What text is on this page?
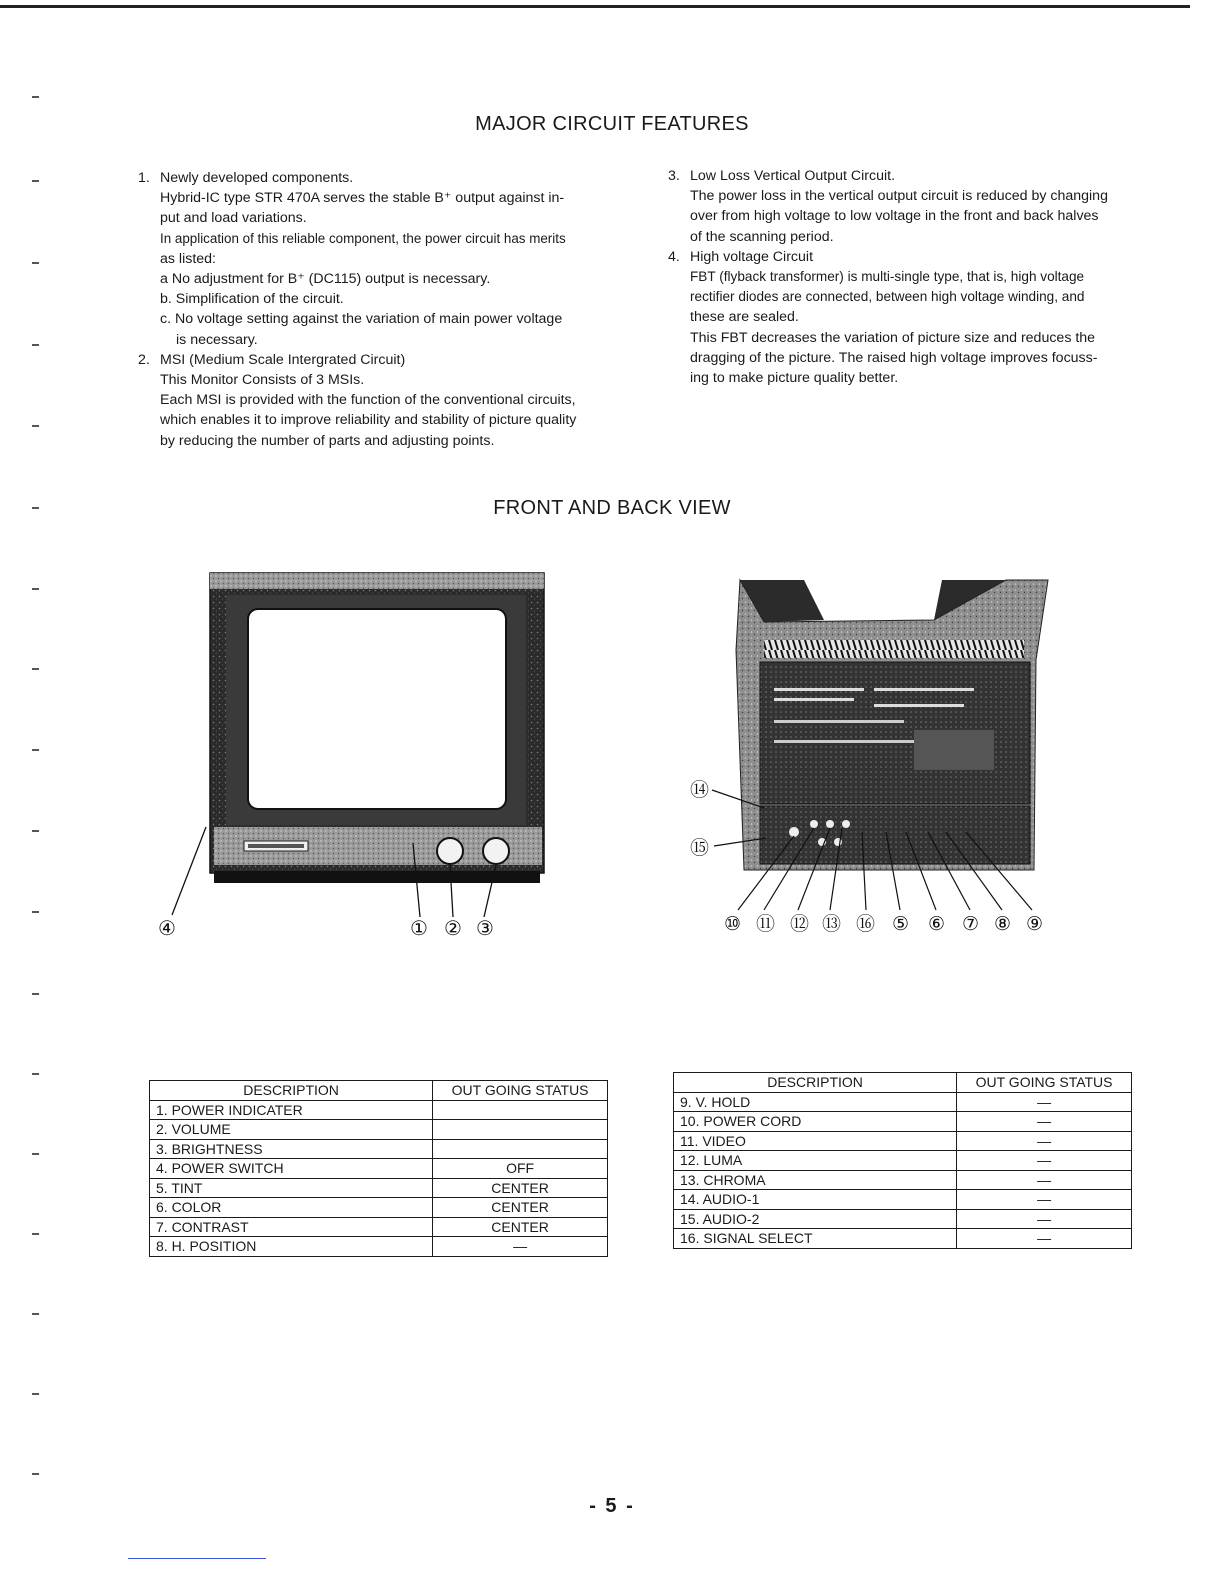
MAJOR CIRCUIT FEATURES
1. Newly developed components.

Hybrid-IC type STR 470A serves the stable B⁺ output against in-

put and load variations.

In application of this reliable component, the power circuit has merits

as listed:

a No adjustment for B⁺ (DC115) output is necessary.

b. Simplification of the circuit.

c. No voltage setting against the variation of main power voltage

is necessary.

2. MSI (Medium Scale Intergrated Circuit)

This Monitor Consists of 3 MSIs.

Each MSI is provided with the function of the conventional circuits,

which enables it to improve reliability and stability of picture quality

by reducing the number of parts and adjusting points.

3. Low Loss Vertical Output Circuit.

The power loss in the vertical output circuit is reduced by changing

over from high voltage to low voltage in the front and back halves

of the scanning period.

4. High voltage Circuit

FBT (flyback transformer) is multi-single type, that is, high voltage

rectifier diodes are connected, between high voltage winding, and

these are sealed.

This FBT decreases the variation of picture size and reduces the

dragging of the picture. The raised high voltage improves focuss-

ing to make picture quality better.

FRONT AND BACK VIEW
④	① ② ③
⑭
⑮
⑩ ⑪ ⑫ ⑬ ⑯ ⑤ ⑥ ⑦ ⑧ ⑨
DESCRIPTION	OUT GOING STATUS
1. POWER INDICATER	
2. VOLUME	
3. BRIGHTNESS	
4. POWER SWITCH	OFF
5. TINT	CENTER
6. COLOR	CENTER
7. CONTRAST	CENTER
8. H. POSITION	—
DESCRIPTION	OUT GOING STATUS
9. V. HOLD	—
10. POWER CORD	—
11. VIDEO	—
12. LUMA	—
13. CHROMA	—
14. AUDIO-1	—
15. AUDIO-2	—
16. SIGNAL SELECT	—
- 5 -
